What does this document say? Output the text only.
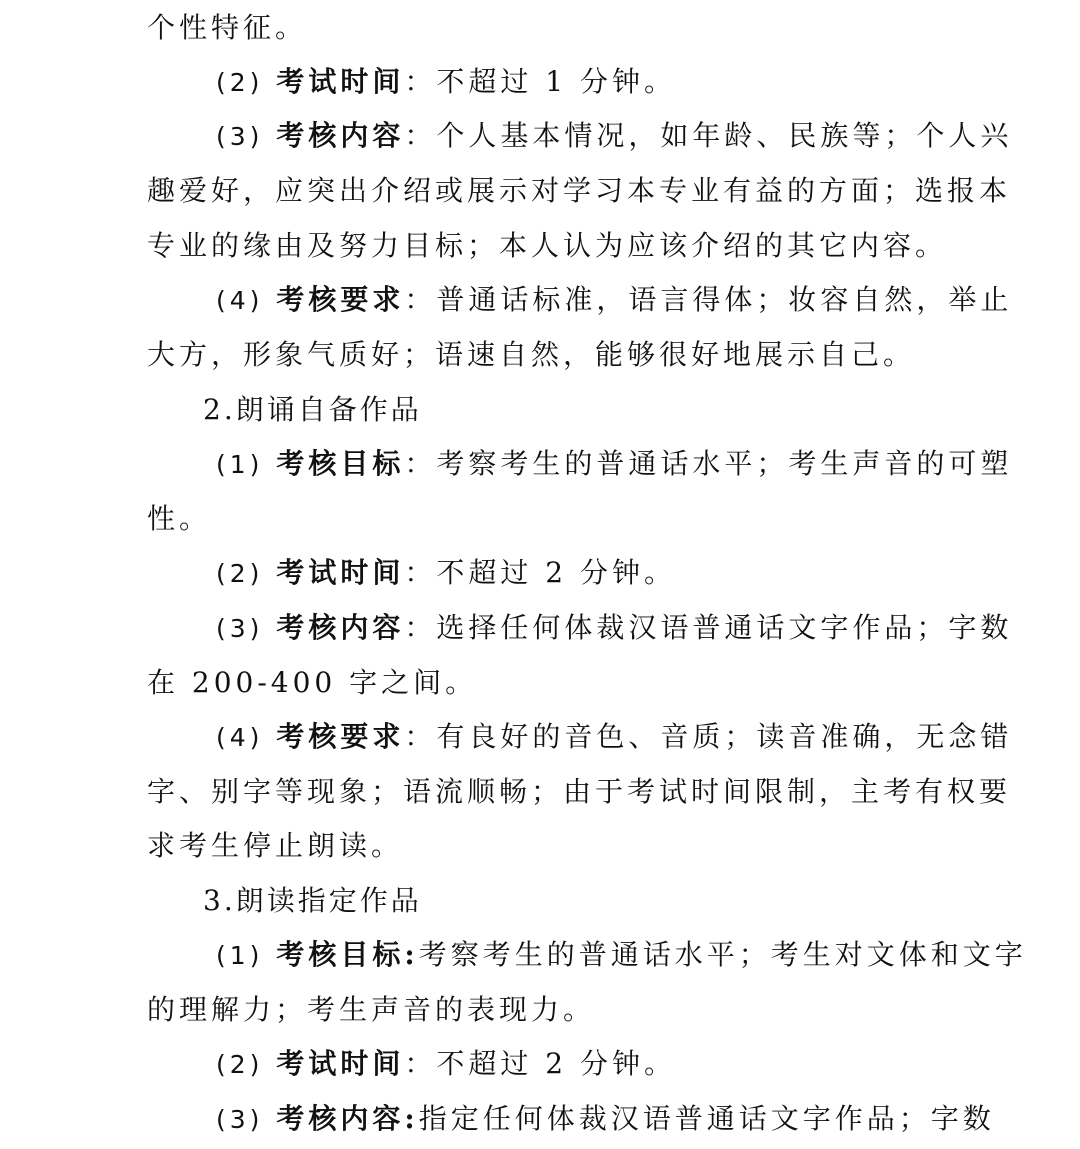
个性特征。
(2) 考试时间：不超过 1 分钟。
(3) 考核内容：个人基本情况，如年龄、民族等；个人兴
趣爱好，应突出介绍或展示对学习本专业有益的方面；选报本
专业的缘由及努力目标；本人认为应该介绍的其它内容。
(4) 考核要求：普通话标准，语言得体；妆容自然，举止
大方，形象气质好；语速自然，能够很好地展示自己。
2.朗诵自备作品
(1) 考核目标：考察考生的普通话水平；考生声音的可塑
性。
(2) 考试时间：不超过 2 分钟。
(3) 考核内容：选择任何体裁汉语普通话文字作品；字数
在 200-400 字之间。
(4) 考核要求：有良好的音色、音质；读音准确，无念错
字、别字等现象；语流顺畅；由于考试时间限制，主考有权要
求考生停止朗读。
3.朗读指定作品
(1) 考核目标:考察考生的普通话水平；考生对文体和文字
的理解力；考生声音的表现力。
(2) 考试时间：不超过 2 分钟。
(3) 考核内容:指定任何体裁汉语普通话文字作品；字数
